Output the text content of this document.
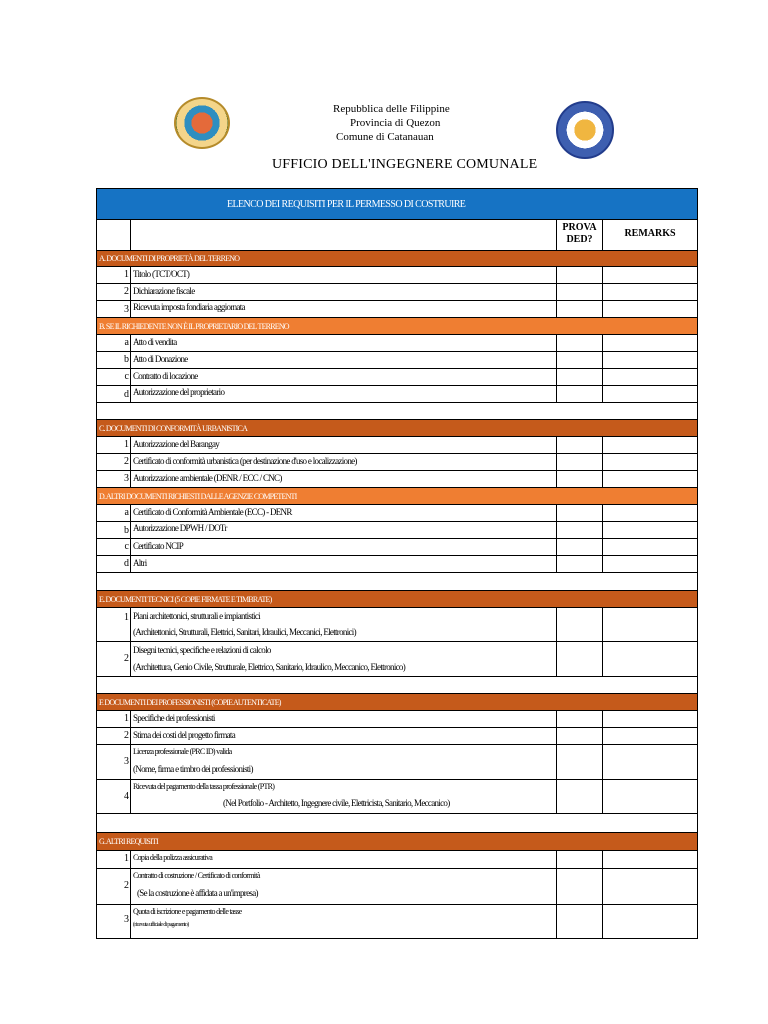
Repubblica delle Filippine
Provincia di Quezon
Comune di Catanauan
UFFICIO DELL'INGEGNERE COMUNALE
ELENCO DEI REQUISITI PER IL PERMESSO DI COSTRUIRE
PROVA
DED?
REMARKS
A. DOCUMENTI DI PROPRIETÀ DEL TERRENO
1 Titolo (TCT/OCT)
2 Dichiarazione fiscale
3 Ricevuta imposta fondiaria aggiornata
B. SE IL RICHIEDENTE NON È IL PROPRIETARIO DEL TERRENO
a Atto di vendita
b Atto di Donazione
c Contratto di locazione
d Autorizzazione del proprietario
C. DOCUMENTI DI CONFORMITÀ URBANISTICA
1 Autorizzazione del Barangay
2 Certificato di conformità urbanistica (per destinazione d'uso e localizzazione)
3 Autorizzazione ambientale (DENR / ECC / CNC)
D. ALTRI DOCUMENTI RICHIESTI DALLE AGENZIE COMPETENTI
a Certificato di Conformità Ambientale (ECC) - DENR
b Autorizzazione DPWH / DOTr
c Certificato NCIP
d Altri
E. DOCUMENTI TECNICI (5 COPIE FIRMATE E TIMBRATE)
1 Piani architettonici, strutturali e impiantistici
(Architettonici, Strutturali, Elettrici, Sanitari, Idraulici, Meccanici, Elettronici)
2
Disegni tecnici, specifiche e relazioni di calcolo
(Architettura, Genio Civile, Strutturale, Elettrico, Sanitario, Idraulico, Meccanico, Elettronico)
F. DOCUMENTI DEI PROFESSIONISTI (COPIE AUTENTICATE)
1 Specifiche dei professionisti
2 Stima dei costi del progetto firmata
3
Licenza professionale (PRC ID) valida
(Nome, firma e timbro dei professionisti)
4
Ricevuta del pagamento della tassa professionale (PTR)
(Nel Portfolio - Architetto, Ingegnere civile, Elettricista, Sanitario, Meccanico)
G. ALTRI REQUISITI
1 Copia della polizza assicurativa
2
Contratto di costruzione / Certificato di conformità
(Se la costruzione è affidata a un'impresa)
3
Quota di iscrizione e pagamento delle tasse
(ricevuta ufficiale di pagamento)
